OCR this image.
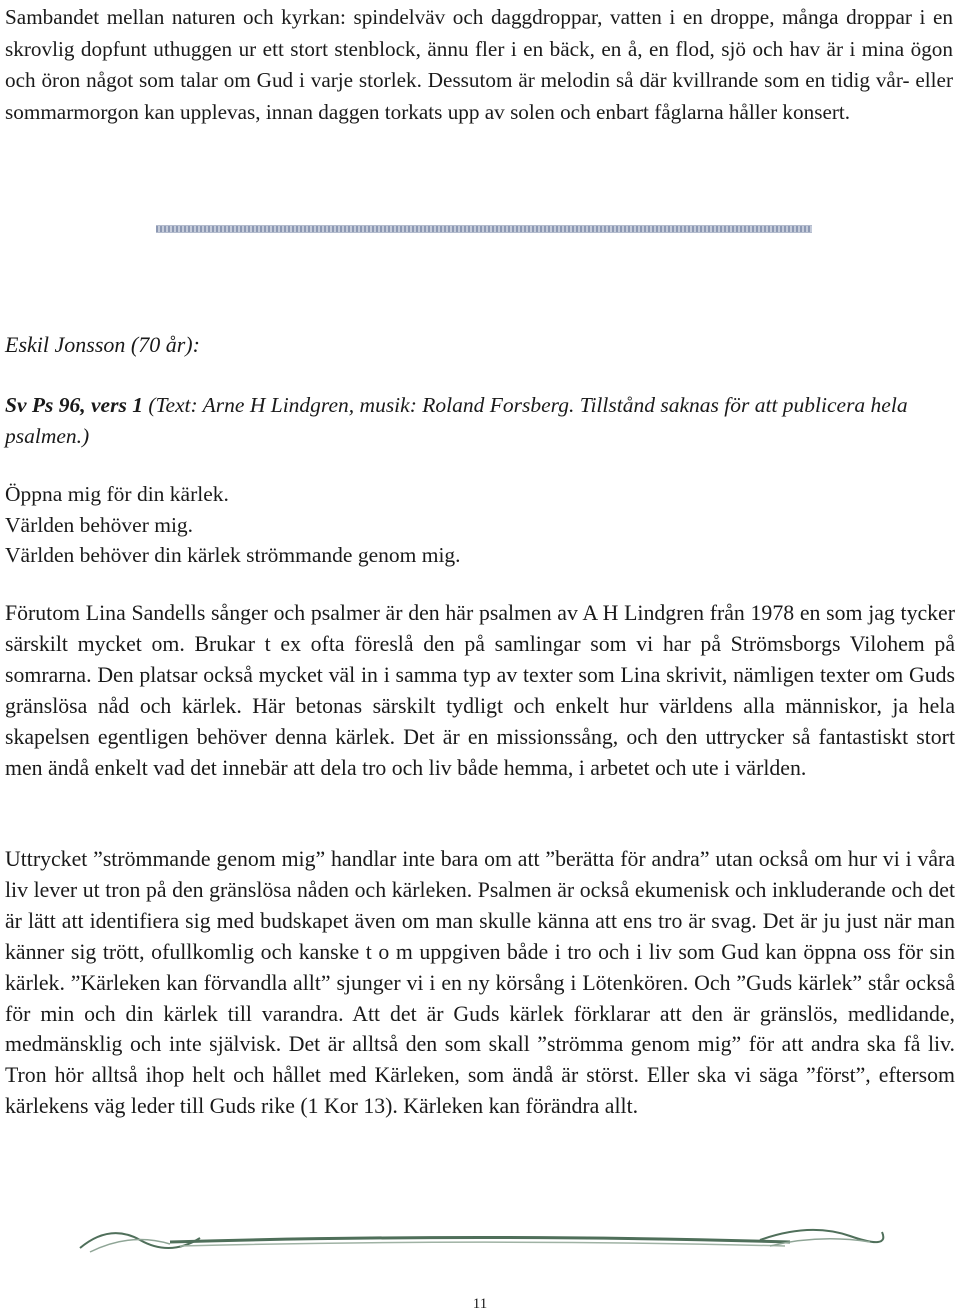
Sambandet mellan naturen och kyrkan: spindelväv och daggdroppar, vatten i en droppe, många droppar i en skrovlig dopfunt uthuggen ur ett stort stenblock, ännu fler i en bäck, en å, en flod, sjö och hav är i mina ögon och öron något som talar om Gud i varje storlek. Dessutom är melodin så där kvillrande som en tidig vår- eller sommarmorgon kan upplevas, innan daggen torkats upp av solen och enbart fåglarna håller konsert.

Eskil Jonsson (70 år):

Sv Ps 96, vers 1 (Text: Arne H Lindgren, musik: Roland Forsberg. Tillstånd saknas för att publicera hela psalmen.)

Öppna mig för din kärlek.
Världen behöver mig.
Världen behöver din kärlek strömmande genom mig.

Förutom Lina Sandells sånger och psalmer är den här psalmen av A H Lindgren från 1978 en som jag tycker särskilt mycket om. Brukar t ex ofta föreslå den på samlingar som vi har på Strömsborgs Vilohem på somrarna. Den platsar också mycket väl in i samma typ av texter som Lina skrivit, nämligen texter om Guds gränslösa nåd och kärlek. Här betonas särskilt tydligt och enkelt hur världens alla människor, ja hela skapelsen egentligen behöver denna kärlek. Det är en missionssång, och den uttrycker så fantastiskt stort men ändå enkelt vad det innebär att dela tro och liv både hemma, i arbetet och ute i världen.

Uttrycket ”strömmande genom mig” handlar inte bara om att ”berätta för andra” utan också om hur vi i våra liv lever ut tron på den gränslösa nåden och kärleken. Psalmen är också ekumenisk och inkluderande och det är lätt att identifiera sig med budskapet även om man skulle känna att ens tro är svag. Det är ju just när man känner sig trött, ofullkomlig och kanske t o m uppgiven både i tro och i liv som Gud kan öppna oss för sin kärlek. ”Kärleken kan förvandla allt” sjunger vi i en ny körsång i Lötenkören. Och ”Guds kärlek” står också för min och din kärlek till varandra. Att det är Guds kärlek förklarar att den är gränslös, medlidande, medmänsklig och inte självisk. Det är alltså den som skall ”strömma genom mig” för att andra ska få liv. Tron hör alltså ihop helt och hållet med Kärleken, som ändå är störst. Eller ska vi säga ”först”, eftersom kärlekens väg leder till Guds rike (1 Kor 13). Kärleken kan förändra allt.

11
